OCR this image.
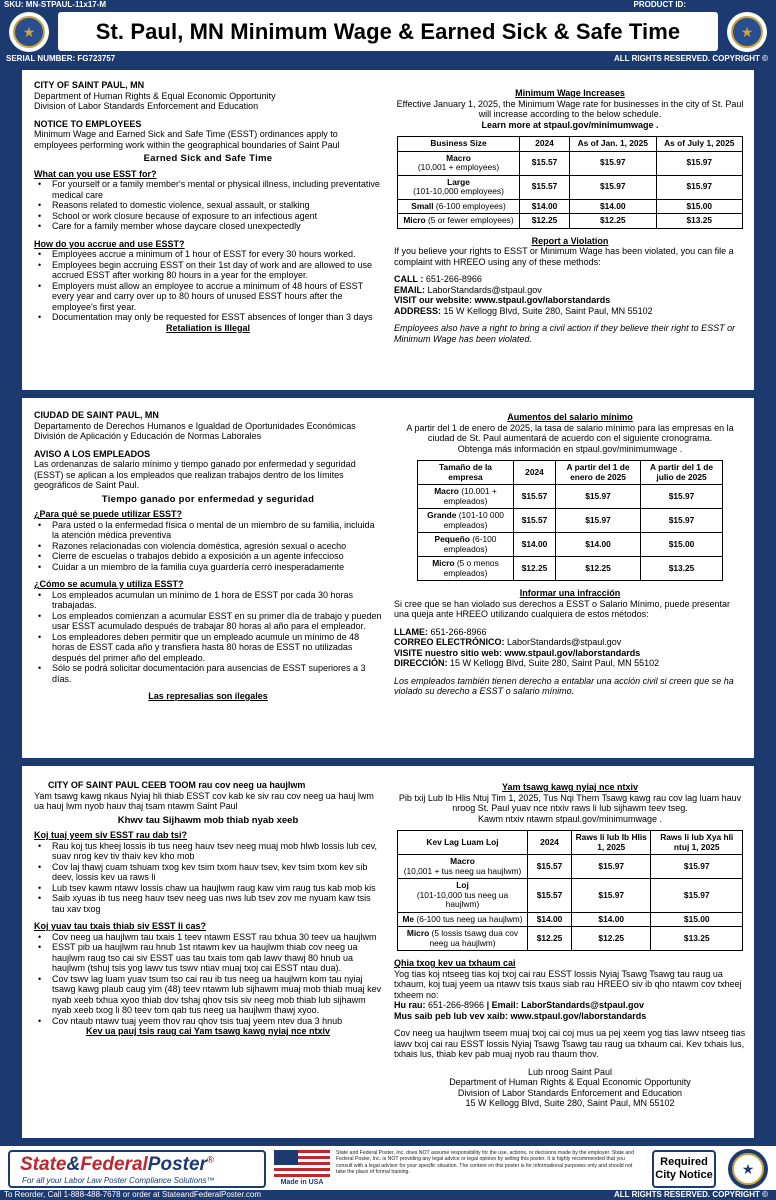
SKU: MN-STPAUL-11x17-M	PRODUCT ID:
★	St. Paul, MN Minimum Wage & Earned Sick & Safe Time	★
SERIAL NUMBER: FG723757	ALL RIGHTS RESERVED. COPYRIGHT ©
CITY OF SAINT PAUL, MN
Department of Human Rights & Equal Economic Opportunity
Division of Labor Standards Enforcement and Education
NOTICE TO EMPLOYEES
Minimum Wage and Earned Sick and Safe Time (ESST) ordinances apply to employees performing work within the geographical boundaries of Saint Paul
Earned Sick and Safe Time
What can you use ESST for?
• For yourself or a family member's mental or physical illness, including preventative medical care
• Reasons related to domestic violence, sexual assault, or stalking
• School or work closure because of exposure to an infectious agent
• Care for a family member whose daycare closed unexpectedly
How do you accrue and use ESST?
• Employees accrue a minimum of 1 hour of ESST for every 30 hours worked.
• Employees begin accruing ESST on their 1st day of work and are allowed to use accrued ESST after working 80 hours in a year for the employer.
• Employers must allow an employee to accrue a minimum of 48 hours of ESST every year and carry over up to 80 hours of unused ESST hours after the employee's first year.
• Documentation may only be requested for ESST absences of longer than 3 days
Retaliation is Illegal
Minimum Wage Increases
Effective January 1, 2025, the Minimum Wage rate for businesses in the city of St. Paul will increase according to the below schedule.
Learn more at stpaul.gov/minimumwage .
Business Size	2024	As of Jan. 1, 2025	As of July 1, 2025
Macro
(10,001 + employees)	$15.57	$15.97	$15.97
Large
(101-10,000 employees)	$15.57	$15.97	$15.97
Small (6-100 employees)	$14.00	$14.00	$15.00
Micro (5 or fewer employees)	$12.25	$12.25	$13.25
Report a Violation
If you believe your rights to ESST or Minimum Wage has been violated, you can file a complaint with HREEO using any of these methods:
CALL : 651-266-8966
EMAIL: LaborStandards@stpaul.gov
VISIT our website: www.stpaul.gov/laborstandards
ADDRESS: 15 W Kellogg Blvd, Suite 280, Saint Paul, MN 55102
Employees also have a right to bring a civil action if they believe their right to ESST or Minimum Wage has been violated.
CIUDAD DE SAINT PAUL, MN
Departamento de Derechos Humanos e Igualdad de Oportunidades Económicas
División de Aplicación y Educación de Normas Laborales
AVISO A LOS EMPLEADOS
Las ordenanzas de salario mínimo y tiempo ganado por enfermedad y seguridad (ESST) se aplican a los empleados que realizan trabajos dentro de los límites geográficos de Saint Paul.
Tiempo ganado por enfermedad y seguridad
¿Para qué se puede utilizar ESST?
• Para usted o la enfermedad física o mental de un miembro de su familia, incluida la atención médica preventiva
• Razones relacionadas con violencia doméstica, agresión sexual o acecho
• Cierre de escuelas o trabajos debido a exposición a un agente infeccioso
• Cuidar a un miembro de la familia cuya guardería cerró inesperadamente
¿Cómo se acumula y utiliza ESST?
• Los empleados acumulan un mínimo de 1 hora de ESST por cada 30 horas trabajadas.
• Los empleados comienzan a acumular ESST en su primer día de trabajo y pueden usar ESST acumulado después de trabajar 80 horas al año para el empleador.
• Los empleadores deben permitir que un empleado acumule un mínimo de 48 horas de ESST cada año y transfiera hasta 80 horas de ESST no utilizadas después del primer año del empleado.
• Sólo se podrá solicitar documentación para ausencias de ESST superiores a 3 días.
Las represalias son ilegales
Aumentos del salario mínimo
A partir del 1 de enero de 2025, la tasa de salario mínimo para las empresas en la ciudad de St. Paul aumentará de acuerdo con el siguiente cronograma.
Obtenga más información en stpaul.gov/minimumwage .
Tamaño de la empresa	2024	A partir del 1 de enero de 2025	A partir del 1 de julio de 2025
Macro (10.001 + empleados)	$15.57	$15.97	$15.97
Grande (101-10 000 empleados)	$15.57	$15.97	$15.97
Pequeño (6-100 empleados)	$14.00	$14.00	$15.00
Micro (5 o menos empleados)	$12.25	$12.25	$13.25
Informar una infracción
Si cree que se han violado sus derechos a ESST o Salario Mínimo, puede presentar una queja ante HREEO utilizando cualquiera de estos métodos:
LLAME: 651-266-8966
CORREO ELECTRÓNICO: LaborStandards@stpaul.gov
VISITE nuestro sitio web: www.stpaul.gov/laborstandards
DIRECCIÓN: 15 W Kellogg Blvd, Suite 280, Saint Paul, MN 55102
Los empleados también tienen derecho a entablar una acción civil si creen que se ha violado su derecho a ESST o salario mínimo.
CITY OF SAINT PAUL CEEB TOOM rau cov neeg ua haujlwm
Yam tsawg kawg nkaus Nyiaj hli thiab ESST cov kab ke siv rau cov neeg ua hauj lwm ua hauj lwm nyob hauv thaj tsam ntawm Saint Paul
Khwv tau Sijhawm mob thiab nyab xeeb
Koj tuaj yeem siv ESST rau dab tsi?
• Rau koj tus kheej lossis ib tus neeg hauv tsev neeg muaj mob hlwb lossis lub cev, suav nrog kev tiv thaiv kev kho mob
• Cov laj thawj cuam tshuam txog kev tsim txom hauv tsev, kev tsim txom kev sib deev, lossis kev ua raws li
• Lub tsev kawm ntawv lossis chaw ua haujlwm raug kaw vim raug tus kab mob kis
• Saib xyuas ib tus neeg hauv tsev neeg uas nws lub tsev zov me nyuam kaw tsis tau xav txog
Koj yuav tau txais thiab siv ESST li cas?
• Cov neeg ua haujlwm tau txais 1 teev ntawm ESST rau txhua 30 teev ua haujlwm
• ESST pib ua haujlwm rau hnub 1st ntawm kev ua haujlwm thiab cov neeg ua haujlwm raug tso cai siv ESST uas tau txais tom qab lawv thawj 80 hnub ua haujlwm (tshuj tsis yog lawv tus tswv ntiav muaj txoj cai ESST ntau dua).
• Cov tswv lag luam yuav tsum tso cai rau ib tus neeg ua haujlwm kom tau nyiaj tsawg kawg plaub caug yim (48) teev ntawm lub sijhawm muaj mob thiab muaj kev nyab xeeb txhua xyoo thiab dov tshaj qhov tsis siv neeg mob thiab lub sijhawm nyab xeeb txog li 80 teev tom qab tus neeg ua haujlwm thawj xyoo.
• Cov ntaub ntawv tuaj yeem thov rau qhov tsis tuaj yeem ntev dua 3 hnub
Kev ua pauj tsis raug cai Yam tsawg kawg nyiaj nce ntxiv
Yam tsawg kawg nyiaj nce ntxiv
Pib txij Lub Ib Hlis Ntuj Tim 1, 2025, Tus Nqi Them Tsawg kawg rau cov lag luam hauv nroog St. Paul yuav nce ntxiv raws li lub sijhawm teev tseg.
Kawm ntxiv ntawm stpaul.gov/minimumwage .
Kev Lag Luam Loj	2024	Raws li lub Ib Hlis 1, 2025	Raws li lub Xya hli ntuj 1, 2025
Macro
(10,001 + tus neeg ua haujlwm)	$15.57	$15.97	$15.97
Loj
(101-10,000 tus neeg ua haujlwm)	$15.57	$15.97	$15.97
Me (6-100 tus neeg ua haujlwm)	$14.00	$14.00	$15.00
Micro (5 lossis tsawg dua cov neeg ua haujlwm)	$12.25	$12.25	$13.25
Qhia txog kev ua txhaum cai
Yog tias koj ntseeg tias koj txoj cai rau ESST lossis Nyiaj Tsawg Tsawg tau raug ua txhaum, koj tuaj yeem ua ntawv tsis txaus siab rau HREEO siv ib qho ntawm cov txheej txheem no:
Hu rau: 651-266-8966 | Email: LaborStandards@stpaul.gov
Mus saib peb lub vev xaib: www.stpaul.gov/laborstandards
Cov neeg ua haujlwm tseem muaj txoj cai coj mus ua pej xeem yog tias lawv ntseeg tias lawv txoj cai rau ESST lossis Nyiaj Tsawg Tsawg tau raug ua txhaum cai. Kev txhais lus, txhais lus, thiab kev pab muaj nyob rau thaum thov.
Lub nroog Saint Paul
Department of Human Rights & Equal Economic Opportunity
Division of Labor Standards Enforcement and Education
15 W Kellogg Blvd, Suite 280, Saint Paul, MN 55102
State&FederalPoster®
For all your Labor Law Poster Compliance Solutions™	Made in USA
State and Federal Poster, Inc. does NOT assume responsibility for the use, actions, or decisions made by the employer. State and Federal Poster, Inc. is NOT providing any legal advice or legal opinion by selling this poster. It is highly recommended that you consult with a legal advisor for your specific situation. The content on this poster is for informational purposes only and should not take the place of formal training.
Required
City Notice ★
To Reorder, Call 1-888-488-7678 or order at StateandFederalPoster.com	ALL RIGHTS RESERVED. COPYRIGHT ©
